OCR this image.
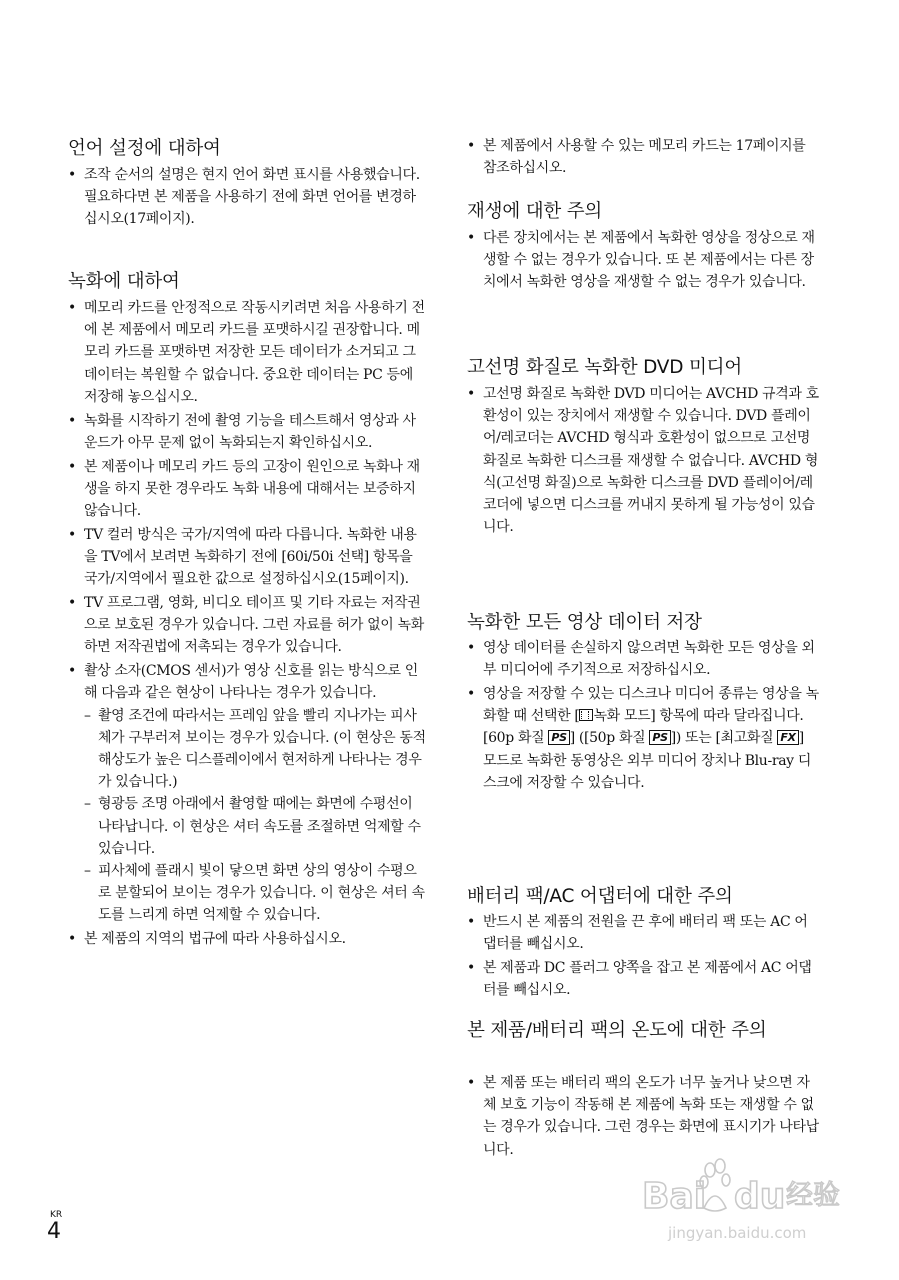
언어 설정에 대하여
• 조작 순서의 설명은 현지 언어 화면 표시를 사용했습니다. 필요하다면 본 제품을 사용하기 전에 화면 언어를 변경하십시오(17페이지).
녹화에 대하여
• 메모리 카드를 안정적으로 작동시키려면 처음 사용하기 전에 본 제품에서 메모리 카드를 포맷하시길 권장합니다. 메모리 카드를 포맷하면 저장한 모든 데이터가 소거되고 그 데이터는 복원할 수 없습니다. 중요한 데이터는 PC 등에 저장해 놓으십시오.
• 녹화를 시작하기 전에 촬영 기능을 테스트해서 영상과 사운드가 아무 문제 없이 녹화되는지 확인하십시오.
• 본 제품이나 메모리 카드 등의 고장이 원인으로 녹화나 재생을 하지 못한 경우라도 녹화 내용에 대해서는 보증하지 않습니다.
• TV 컬러 방식은 국가/지역에 따라 다릅니다. 녹화한 내용을 TV에서 보려면 녹화하기 전에 [60i/50i 선택] 항목을 국가/지역에서 필요한 값으로 설정하십시오(15페이지).
• TV 프로그램, 영화, 비디오 테이프 및 기타 자료는 저작권으로 보호된 경우가 있습니다. 그런 자료를 허가 없이 녹화하면 저작권법에 저촉되는 경우가 있습니다.
• 촬상 소자(CMOS 센서)가 영상 신호를 읽는 방식으로 인해 다음과 같은 현상이 나타나는 경우가 있습니다.
– 촬영 조건에 따라서는 프레임 앞을 빨리 지나가는 피사체가 구부러져 보이는 경우가 있습니다. (이 현상은 동적 해상도가 높은 디스플레이에서 현저하게 나타나는 경우가 있습니다.)
– 형광등 조명 아래에서 촬영할 때에는 화면에 수평선이 나타납니다. 이 현상은 셔터 속도를 조절하면 억제할 수 있습니다.
– 피사체에 플래시 빛이 닿으면 화면 상의 영상이 수평으로 분할되어 보이는 경우가 있습니다. 이 현상은 셔터 속도를 느리게 하면 억제할 수 있습니다.
• 본 제품의 지역의 법규에 따라 사용하십시오.
• 본 제품에서 사용할 수 있는 메모리 카드는 17페이지를 참조하십시오.
재생에 대한 주의
• 다른 장치에서는 본 제품에서 녹화한 영상을 정상으로 재생할 수 없는 경우가 있습니다. 또 본 제품에서는 다른 장치에서 녹화한 영상을 재생할 수 없는 경우가 있습니다.
고선명 화질로 녹화한 DVD 미디어
• 고선명 화질로 녹화한 DVD 미디어는 AVCHD 규격과 호환성이 있는 장치에서 재생할 수 있습니다. DVD 플레이어/레코더는 AVCHD 형식과 호환성이 없으므로 고선명 화질로 녹화한 디스크를 재생할 수 없습니다. AVCHD 형식(고선명 화질)으로 녹화한 디스크를 DVD 플레이어/레코더에 넣으면 디스크를 꺼내지 못하게 될 가능성이 있습니다.
녹화한 모든 영상 데이터 저장
• 영상 데이터를 손실하지 않으려면 녹화한 모든 영상을 외부 미디어에 주기적으로 저장하십시오.
• 영상을 저장할 수 있는 디스크나 미디어 종류는 영상을 녹화할 때 선택한 [ 녹화 모드] 항목에 따라 달라집니다. [60p 화질 PS ] ([50p 화질 PS ]) 또는 [최고화질 FX ] 모드로 녹화한 동영상은 외부 미디어 장치나 Blu-ray 디스크에 저장할 수 있습니다.
배터리 팩/AC 어댑터에 대한 주의
• 반드시 본 제품의 전원을 끈 후에 배터리 팩 또는 AC 어댑터를 빼십시오.
• 본 제품과 DC 플러그 양쪽을 잡고 본 제품에서 AC 어댑터를 빼십시오.
본 제품/배터리 팩의 온도에 대한 주의
• 본 제품 또는 배터리 팩의 온도가 너무 높거나 낮으면 자체 보호 기능이 작동해 본 제품에 녹화 또는 재생할 수 없는 경우가 있습니다. 그런 경우는 화면에 표시기가 나타납니다.
KR
4
Bai du 经验
jingyan.baidu.com
